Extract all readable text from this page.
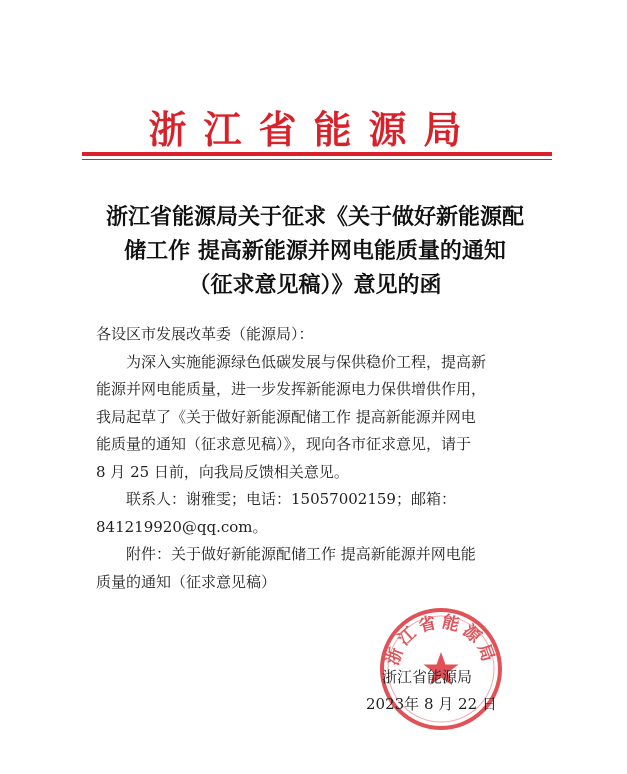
浙江省能源局
浙江省能源局关于征求《关于做好新能源配
储工作 提高新能源并网电能质量的通知
（征求意见稿）》意见的函

各设区市发展改革委（能源局）：

为深入实施能源绿色低碳发展与保供稳价工程，提高新

能源并网电能质量，进一步发挥新能源电力保供增供作用，

我局起草了《关于做好新能源配储工作 提高新能源并网电

能质量的通知（征求意见稿）》，现向各市征求意见，请于

8 月 25 日前，向我局反馈相关意见。

联系人：谢雅雯；电话：15057002159；邮箱：

841219920@qq.com。

附件：关于做好新能源配储工作 提高新能源并网电能

质量的通知（征求意见稿）

浙江省能源局
浙江省能源局
2023年 8 月 22 日
